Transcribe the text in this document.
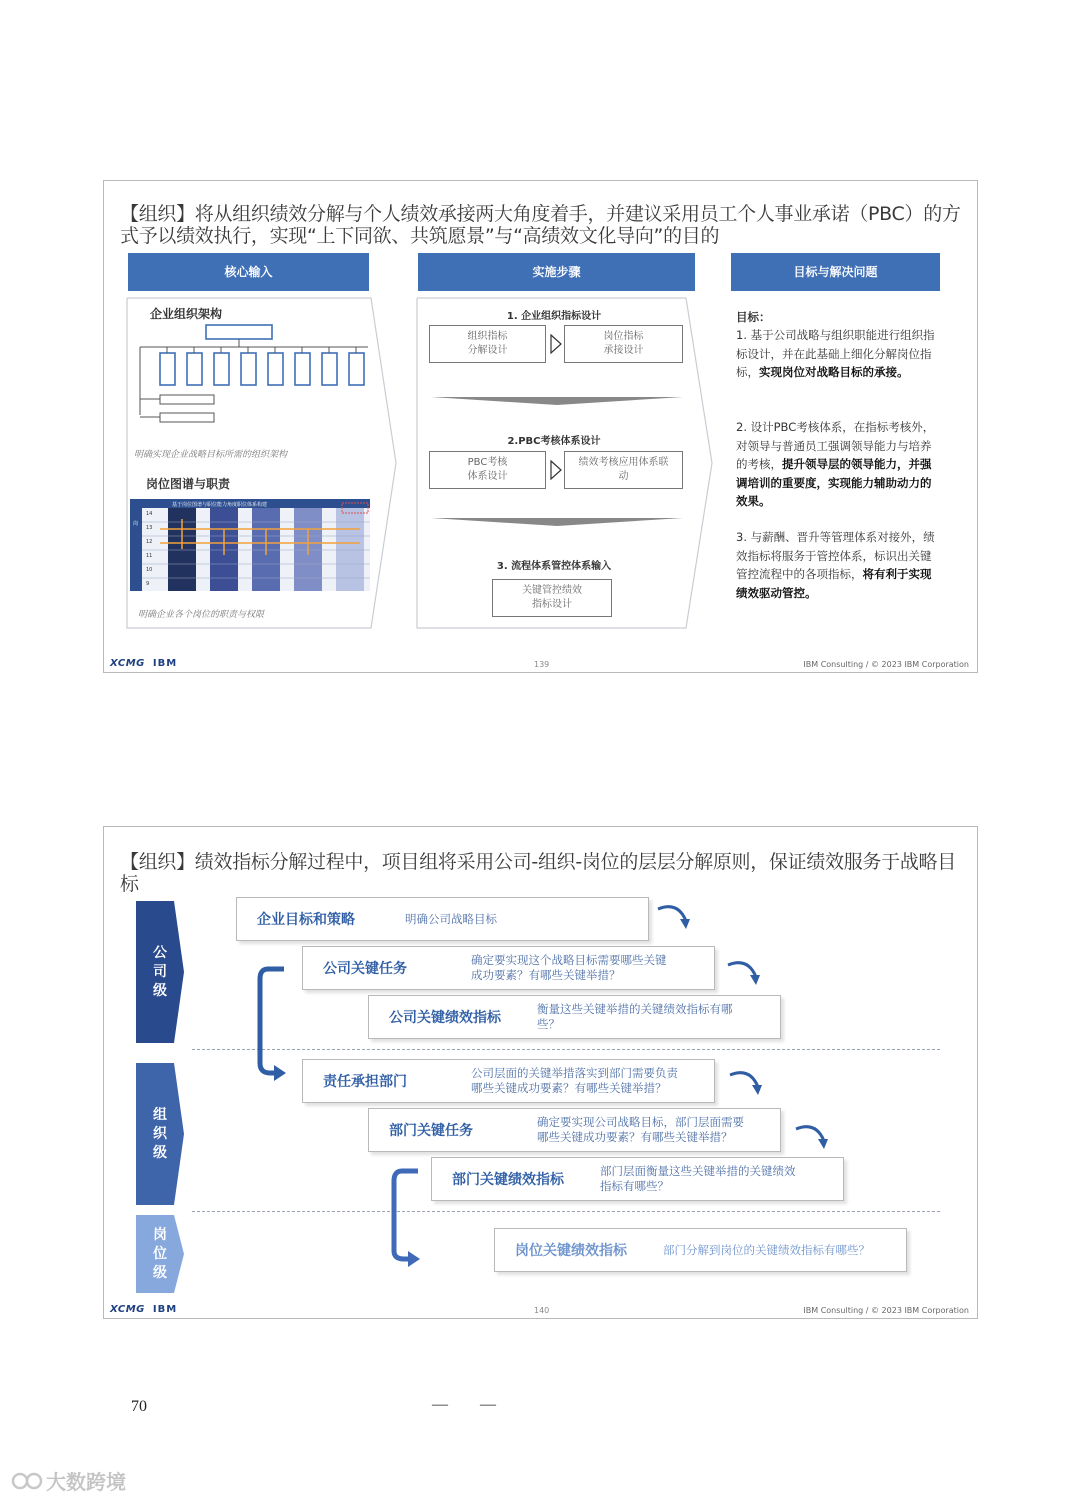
【组织】将从组织绩效分解与个人绩效承接两大角度着手，并建议采用员工个人事业承诺（PBC）的方式予以绩效执行，实现“上下同欲、共筑愿景”与“高绩效文化导向”的目的
核心输入	实施步骤	目标与解决问题
企业组织架构
明确实现企业战略目标所需的组织架构
岗位图谱与职责
基于岗位图谱与职位能力角度职位体系构建
岗
14
13
12
11
10
9
明确企业各个岗位的职责与权限
1. 企业组织指标设计
组织指标
分解设计
岗位指标
承接设计
2.PBC考核体系设计
PBC考核
体系设计
绩效考核应用体系联
动
3. 流程体系管控体系输入
关键管控绩效
指标设计
目标：
1. 基于公司战略与组织职能进行组织指标设计，并在此基础上细化分解岗位指标，实现岗位对战略目标的承接。
2. 设计PBC考核体系，在指标考核外，对领导与普通员工强调领导能力与培养的考核，提升领导层的领导能力，并强调培训的重要度，实现能力辅助动力的效果。
3. 与薪酬、晋升等管理体系对接外，绩效指标将服务于管控体系，标识出关键管控流程中的各项指标，将有利于实现绩效驱动管控。
XCMG IBM	139	IBM Consulting / © 2023 IBM Corporation
【组织】绩效指标分解过程中，项目组将采用公司-组织-岗位的层层分解原则，保证绩效服务于战略目标
公
司
级
组
织
级
岗
位
级
企业目标和策略	明确公司战略目标
公司关键任务
确定要实现这个战略目标需要哪些关键
成功要素？有哪些关键举措？
公司关键绩效指标
衡量这些关键举措的关键绩效指标有哪
些？
责任承担部门
公司层面的关键举措落实到部门需要负责
哪些关键成功要素？有哪些关键举措？
部门关键任务
确定要实现公司战略目标，部门层面需要
哪些关键成功要素？有哪些关键举措？
部门关键绩效指标
部门层面衡量这些关键举措的关键绩效
指标有哪些？
岗位关键绩效指标	部门分解到岗位的关键绩效指标有哪些？
XCMG IBM	140	IBM Consulting / © 2023 IBM Corporation
70	— —
大数跨境
